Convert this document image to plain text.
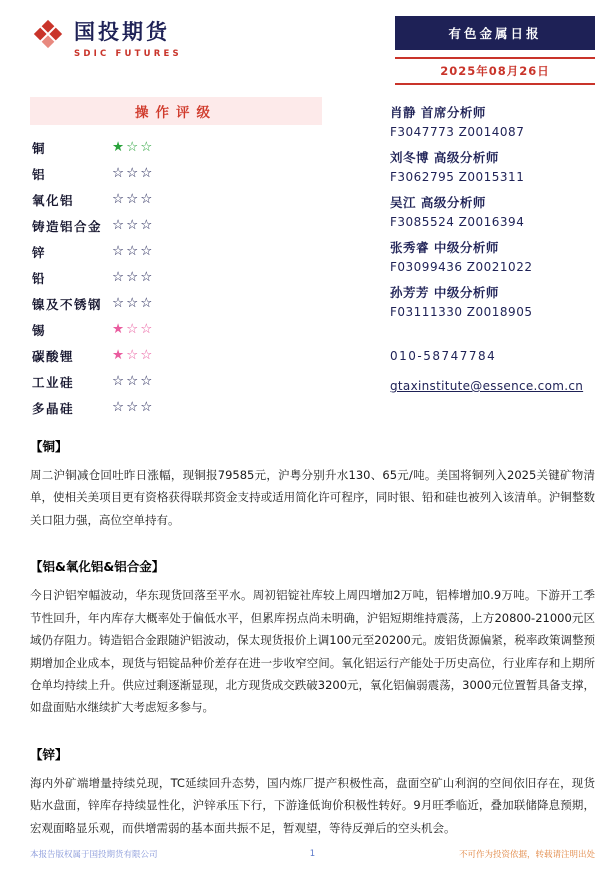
国投期货
SDIC FUTURES
有色金属日报
2025年08月26日
操作评级
铜	★☆☆
铝	☆☆☆
氧化铝	☆☆☆
铸造铝合金 ☆☆☆
锌	☆☆☆
铅	☆☆☆
镍及不锈钢 ☆☆☆
锡	★☆☆
碳酸锂	★☆☆
工业硅	☆☆☆
多晶硅	☆☆☆
肖静 首席分析师
F3047773 Z0014087
刘冬博 高级分析师
F3062795 Z0015311
吴江 高级分析师
F3085524 Z0016394
张秀睿 中级分析师
F03099436 Z0021022
孙芳芳 中级分析师
F03111330 Z0018905
010-58747784
gtaxinstitute@essence.com.cn
【铜】
周二沪铜减仓回吐昨日涨幅，现铜报79585元，沪粤分别升水130、65元/吨。美国将铜列入2025关键矿物清单，使相关美项目更有资格获得联邦资金支持或适用简化许可程序，同时银、铅和硅也被列入该清单。沪铜整数关口阻力强，高位空单持有。
【铝&氧化铝&铝合金】
今日沪铝窄幅波动，华东现货回落至平水。周初铝锭社库较上周四增加2万吨，铝棒增加0.9万吨。下游开工季节性回升，年内库存大概率处于偏低水平，但累库拐点尚未明确，沪铝短期维持震荡，上方20800-21000元区域仍存阻力。铸造铝合金跟随沪铝波动，保太现货报价上调100元至20200元。废铝货源偏紧，税率政策调整预期增加企业成本，现货与铝锭品种价差存在进一步收窄空间。氧化铝运行产能处于历史高位，行业库存和上期所仓单均持续上升。供应过剩逐渐显现，北方现货成交跌破3200元，氧化铝偏弱震荡，3000元位置暂具备支撑，如盘面贴水继续扩大考虑短多参与。
【锌】
海内外矿端增量持续兑现，TC延续回升态势，国内炼厂提产积极性高，盘面空矿山利润的空间依旧存在，现货贴水盘面，锌库存持续显性化，沪锌承压下行，下游逢低询价积极性转好。9月旺季临近，叠加联储降息预期，宏观面略显乐观，而供增需弱的基本面共振不足，暂观望，等待反弹后的空头机会。
本报告版权属于国投期货有限公司	1	不可作为投资依据，转载请注明出处
